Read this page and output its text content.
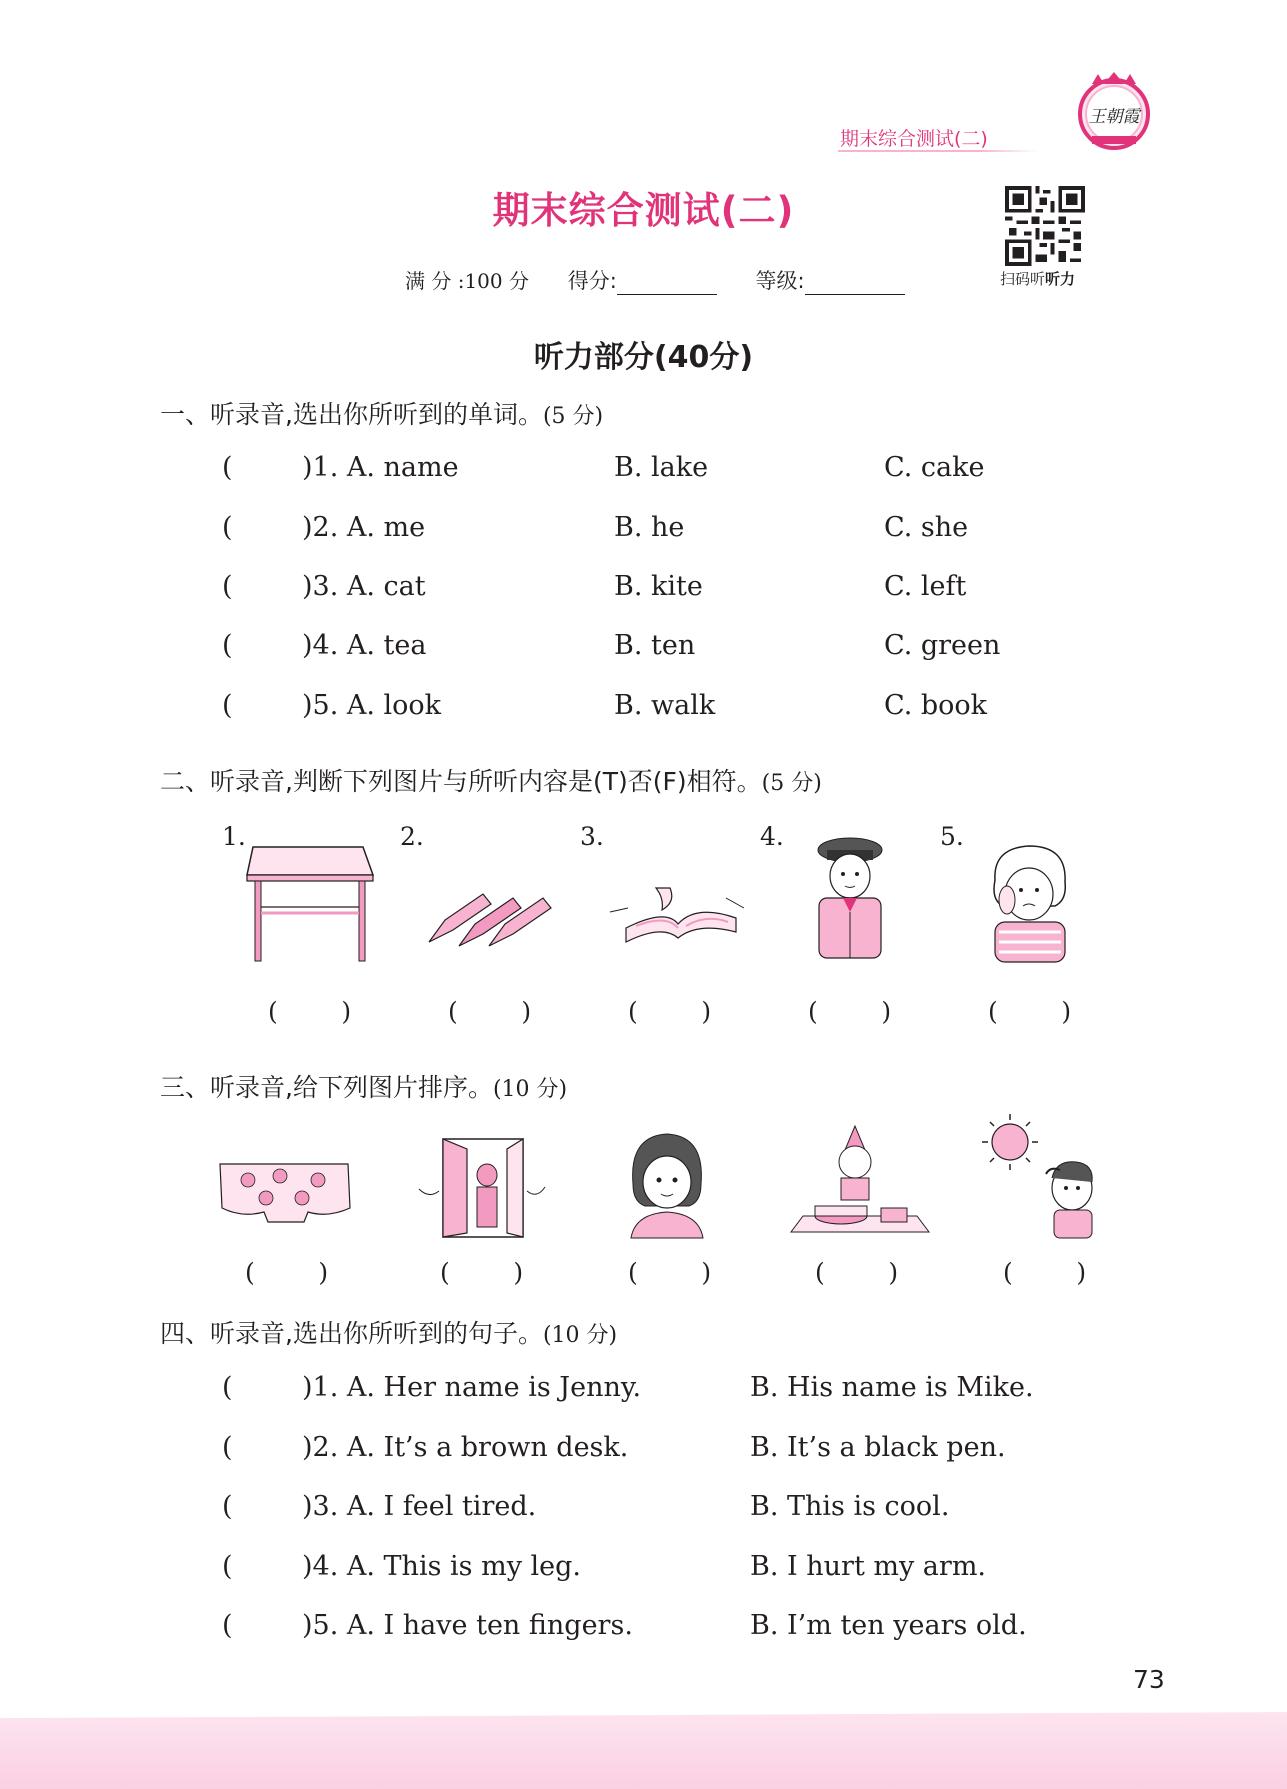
期末综合测试(二)
王朝霞
期末综合测试(二)
扫码听听力
满 分 :100 分 得分:	等级:
听力部分(40分)
一、听录音,选出你所听到的单词。(5 分)
(	)1. A. name	B. lake	C. cake
(	)2. A. me	B. he	C. she
(	)3. A. cat	B. kite	C. left
(	)4. A. tea	B. ten	C. green
(	)5. A. look	B. walk	C. book
二、听录音,判断下列图片与所听内容是(T)否(F)相符。(5 分)
1.	2.	3.	4.	5.
(        )	(        )	(        )	(        )	(        )
三、听录音,给下列图片排序。(10 分)
(        )	(        )	(        )	(        )	(        )
四、听录音,选出你所听到的句子。(10 分)
(	)1. A. Her name is Jenny.	B. His name is Mike.
(	)2. A. It’s a brown desk.	B. It’s a black pen.
(	)3. A. I feel tired.	B. This is cool.
(	)4. A. This is my leg.	B. I hurt my arm.
(	)5. A. I have ten fingers.	B. I’m ten years old.
73
